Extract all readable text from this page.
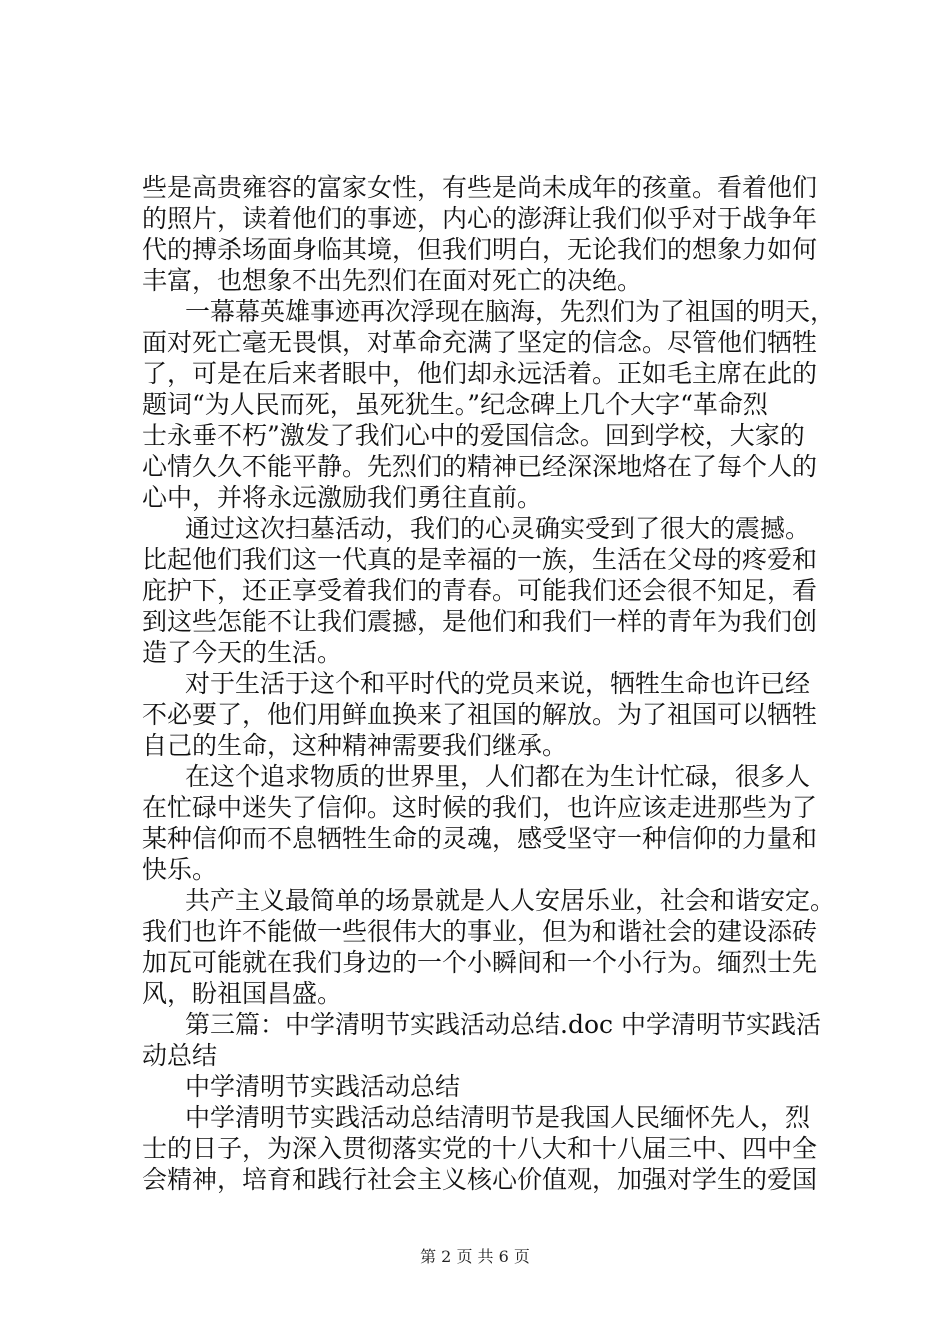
些是高贵雍容的富家女性，有些是尚未成年的孩童。看着他们
的照片，读着他们的事迹，内心的澎湃让我们似乎对于战争年
代的搏杀场面身临其境，但我们明白，无论我们的想象力如何
丰富，也想象不出先烈们在面对死亡的决绝。
一幕幕英雄事迹再次浮现在脑海，先烈们为了祖国的明天，
面对死亡毫无畏惧，对革命充满了坚定的信念。尽管他们牺牲
了，可是在后来者眼中，他们却永远活着。正如毛主席在此的
题词“为人民而死，虽死犹生。”纪念碑上几个大字“革命烈
士永垂不朽”激发了我们心中的爱国信念。回到学校，大家的
心情久久不能平静。先烈们的精神已经深深地烙在了每个人的
心中，并将永远激励我们勇往直前。
通过这次扫墓活动，我们的心灵确实受到了很大的震撼。
比起他们我们这一代真的是幸福的一族，生活在父母的疼爱和
庇护下，还正享受着我们的青春。可能我们还会很不知足，看
到这些怎能不让我们震撼，是他们和我们一样的青年为我们创
造了今天的生活。
对于生活于这个和平时代的党员来说，牺牲生命也许已经
不必要了，他们用鲜血换来了祖国的解放。为了祖国可以牺牲
自己的生命，这种精神需要我们继承。
在这个追求物质的世界里，人们都在为生计忙碌，很多人
在忙碌中迷失了信仰。这时候的我们，也许应该走进那些为了
某种信仰而不息牺牲生命的灵魂，感受坚守一种信仰的力量和
快乐。
共产主义最简单的场景就是人人安居乐业，社会和谐安定。
我们也许不能做一些很伟大的事业，但为和谐社会的建设添砖
加瓦可能就在我们身边的一个小瞬间和一个小行为。缅烈士先
风，盼祖国昌盛。
第三篇：中学清明节实践活动总结.doc 中学清明节实践活
动总结
中学清明节实践活动总结
中学清明节实践活动总结清明节是我国人民缅怀先人，烈
士的日子，为深入贯彻落实党的十八大和十八届三中、四中全
会精神，培育和践行社会主义核心价值观，加强对学生的爱国
第 2 页 共 6 页
